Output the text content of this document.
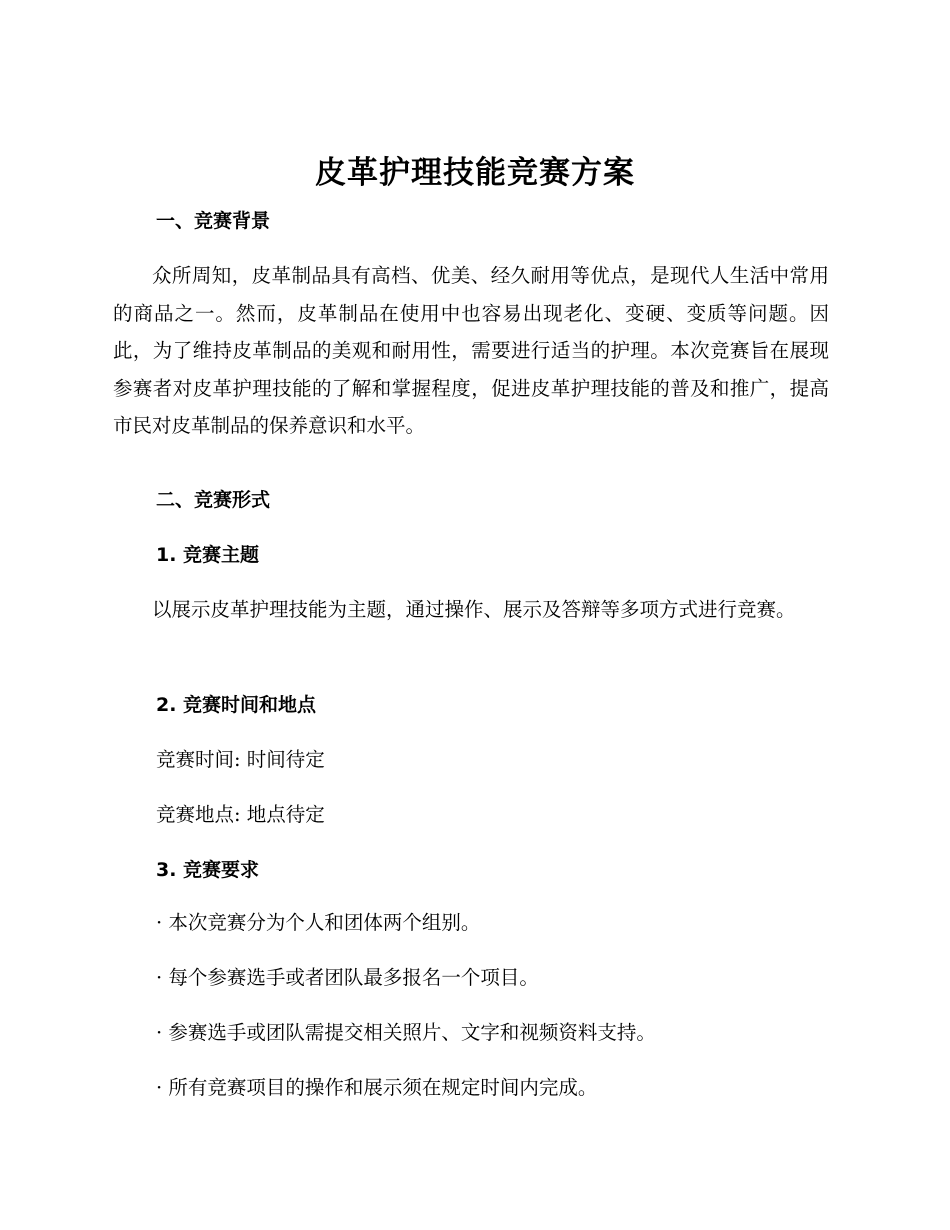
皮革护理技能竞赛方案
一、竞赛背景
众所周知，皮革制品具有高档、优美、经久耐用等优点，是现代人生活中常用的商品之一。然而，皮革制品在使用中也容易出现老化、变硬、变质等问题。因此，为了维持皮革制品的美观和耐用性，需要进行适当的护理。本次竞赛旨在展现参赛者对皮革护理技能的了解和掌握程度，促进皮革护理技能的普及和推广，提高市民对皮革制品的保养意识和水平。
二、竞赛形式
1. 竞赛主题
以展示皮革护理技能为主题，通过操作、展示及答辩等多项方式进行竞赛。
2. 竞赛时间和地点
竞赛时间: 时间待定
竞赛地点: 地点待定
3. 竞赛要求
· 本次竞赛分为个人和团体两个组别。
· 每个参赛选手或者团队最多报名一个项目。
· 参赛选手或团队需提交相关照片、文字和视频资料支持。
· 所有竞赛项目的操作和展示须在规定时间内完成。
